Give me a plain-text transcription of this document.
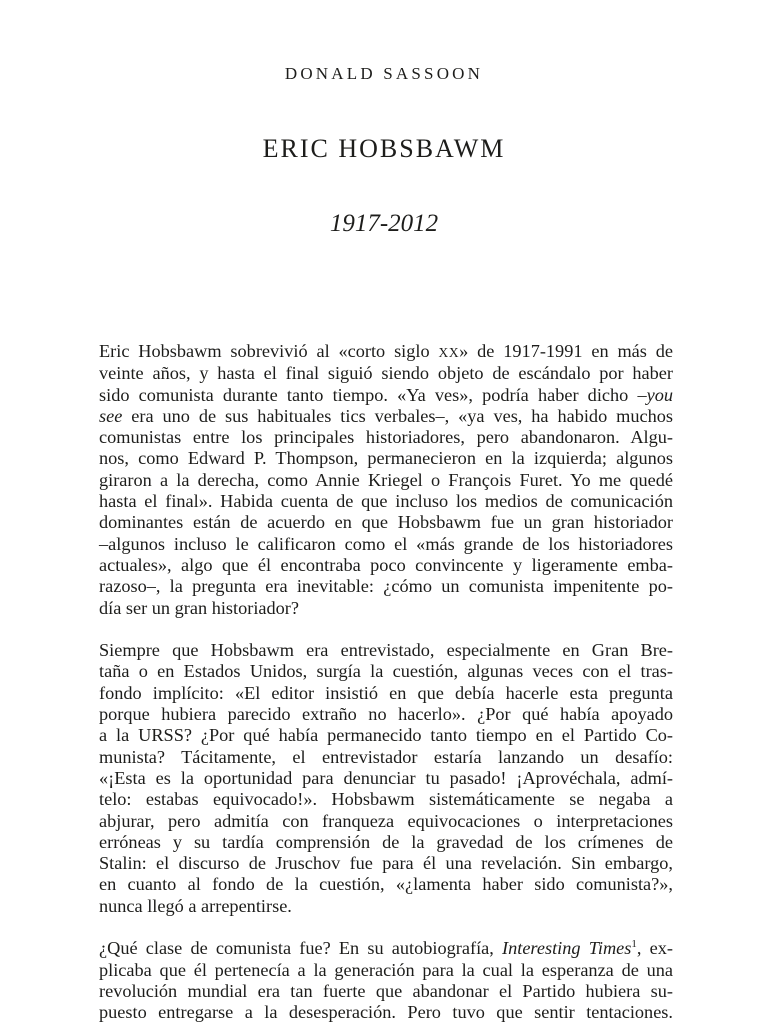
DONALD SASSOON
ERIC HOBSBAWM
1917-2012

Eric Hobsbawm sobrevivió al «corto siglo XX» de 1917-1991 en más de
veinte años, y hasta el final siguió siendo objeto de escándalo por haber
sido comunista durante tanto tiempo. «Ya ves», podría haber dicho –you
see era uno de sus habituales tics verbales–, «ya ves, ha habido muchos
comunistas entre los principales historiadores, pero abandonaron. Algu-
nos, como Edward P. Thompson, permanecieron en la izquierda; algunos
giraron a la derecha, como Annie Kriegel o François Furet. Yo me quedé
hasta el final». Habida cuenta de que incluso los medios de comunicación
dominantes están de acuerdo en que Hobsbawm fue un gran historiador
–algunos incluso le calificaron como el «más grande de los historiadores
actuales», algo que él encontraba poco convincente y ligeramente emba-
razoso–, la pregunta era inevitable: ¿cómo un comunista impenitente po-
día ser un gran historiador?

Siempre que Hobsbawm era entrevistado, especialmente en Gran Bre-
taña o en Estados Unidos, surgía la cuestión, algunas veces con el tras-
fondo implícito: «El editor insistió en que debía hacerle esta pregunta
porque hubiera parecido extraño no hacerlo». ¿Por qué había apoyado
a la URSS? ¿Por qué había permanecido tanto tiempo en el Partido Co-
munista? Tácitamente, el entrevistador estaría lanzando un desafío:
«¡Esta es la oportunidad para denunciar tu pasado! ¡Aprovéchala, admí-
telo: estabas equivocado!». Hobsbawm sistemáticamente se negaba a
abjurar, pero admitía con franqueza equivocaciones o interpretaciones
erróneas y su tardía comprensión de la gravedad de los crímenes de
Stalin: el discurso de Jruschov fue para él una revelación. Sin embargo,
en cuanto al fondo de la cuestión, «¿lamenta haber sido comunista?»,
nunca llegó a arrepentirse.

¿Qué clase de comunista fue? En su autobiografía, Interesting Times$^1$, ex-
plicaba que él pertenecía a la generación para la cual la esperanza de una
revolución mundial era tan fuerte que abandonar el Partido hubiera su-
puesto entregarse a la desesperación. Pero tuvo que sentir tentaciones.
